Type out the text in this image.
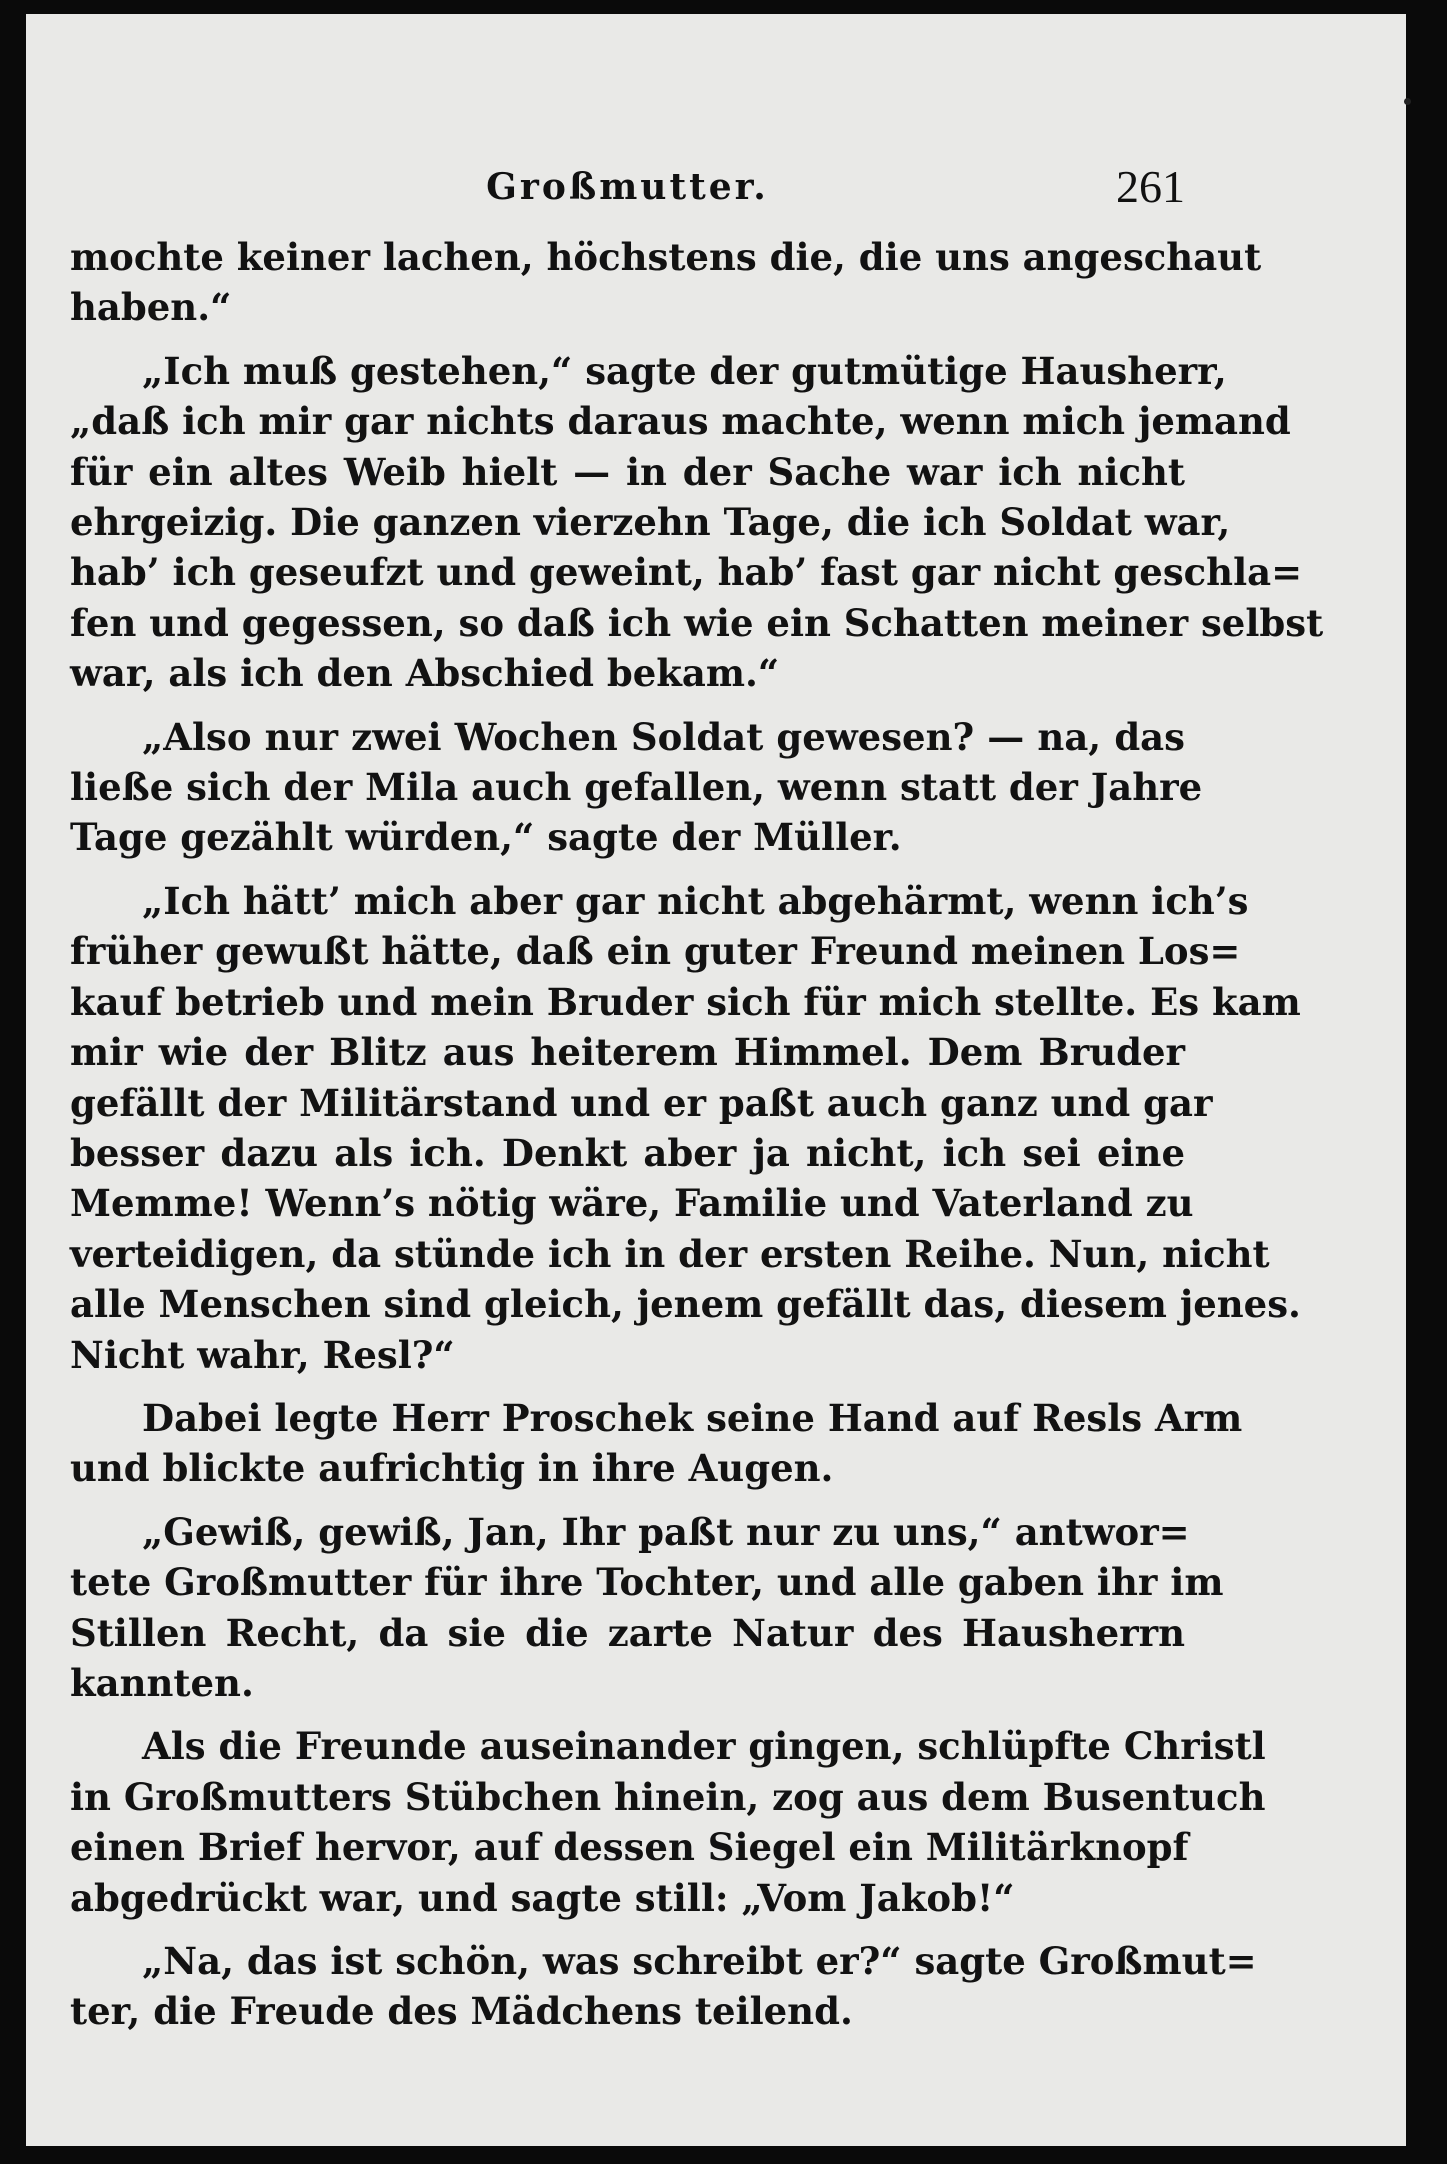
Großmutter.	261
mochte keiner lachen, höchstens die, die uns angeschaut
haben.“
„Ich muß gestehen,“ sagte der gutmütige Hausherr,
„daß ich mir gar nichts daraus machte, wenn mich jemand
für ein altes Weib hielt — in der Sache war ich nicht
ehrgeizig. Die ganzen vierzehn Tage, die ich Soldat war,
hab’ ich geseufzt und geweint, hab’ fast gar nicht geschla=
fen und gegessen, so daß ich wie ein Schatten meiner selbst
war, als ich den Abschied bekam.“
„Also nur zwei Wochen Soldat gewesen? — na, das
ließe sich der Mila auch gefallen, wenn statt der Jahre
Tage gezählt würden,“ sagte der Müller.
„Ich hätt’ mich aber gar nicht abgehärmt, wenn ich’s
früher gewußt hätte, daß ein guter Freund meinen Los=
kauf betrieb und mein Bruder sich für mich stellte. Es kam
mir wie der Blitz aus heiterem Himmel. Dem Bruder
gefällt der Militärstand und er paßt auch ganz und gar
besser dazu als ich. Denkt aber ja nicht, ich sei eine
Memme! Wenn’s nötig wäre, Familie und Vaterland zu
verteidigen, da stünde ich in der ersten Reihe. Nun, nicht
alle Menschen sind gleich, jenem gefällt das, diesem jenes.
Nicht wahr, Resl?“
Dabei legte Herr Proschek seine Hand auf Resls Arm
und blickte aufrichtig in ihre Augen.
„Gewiß, gewiß, Jan, Ihr paßt nur zu uns,“ antwor=
tete Großmutter für ihre Tochter, und alle gaben ihr im
Stillen Recht, da sie die zarte Natur des Hausherrn
kannten.
Als die Freunde auseinander gingen, schlüpfte Christl
in Großmutters Stübchen hinein, zog aus dem Busentuch
einen Brief hervor, auf dessen Siegel ein Militärknopf
abgedrückt war, und sagte still: „Vom Jakob!“
„Na, das ist schön, was schreibt er?“ sagte Großmut=
ter, die Freude des Mädchens teilend.
